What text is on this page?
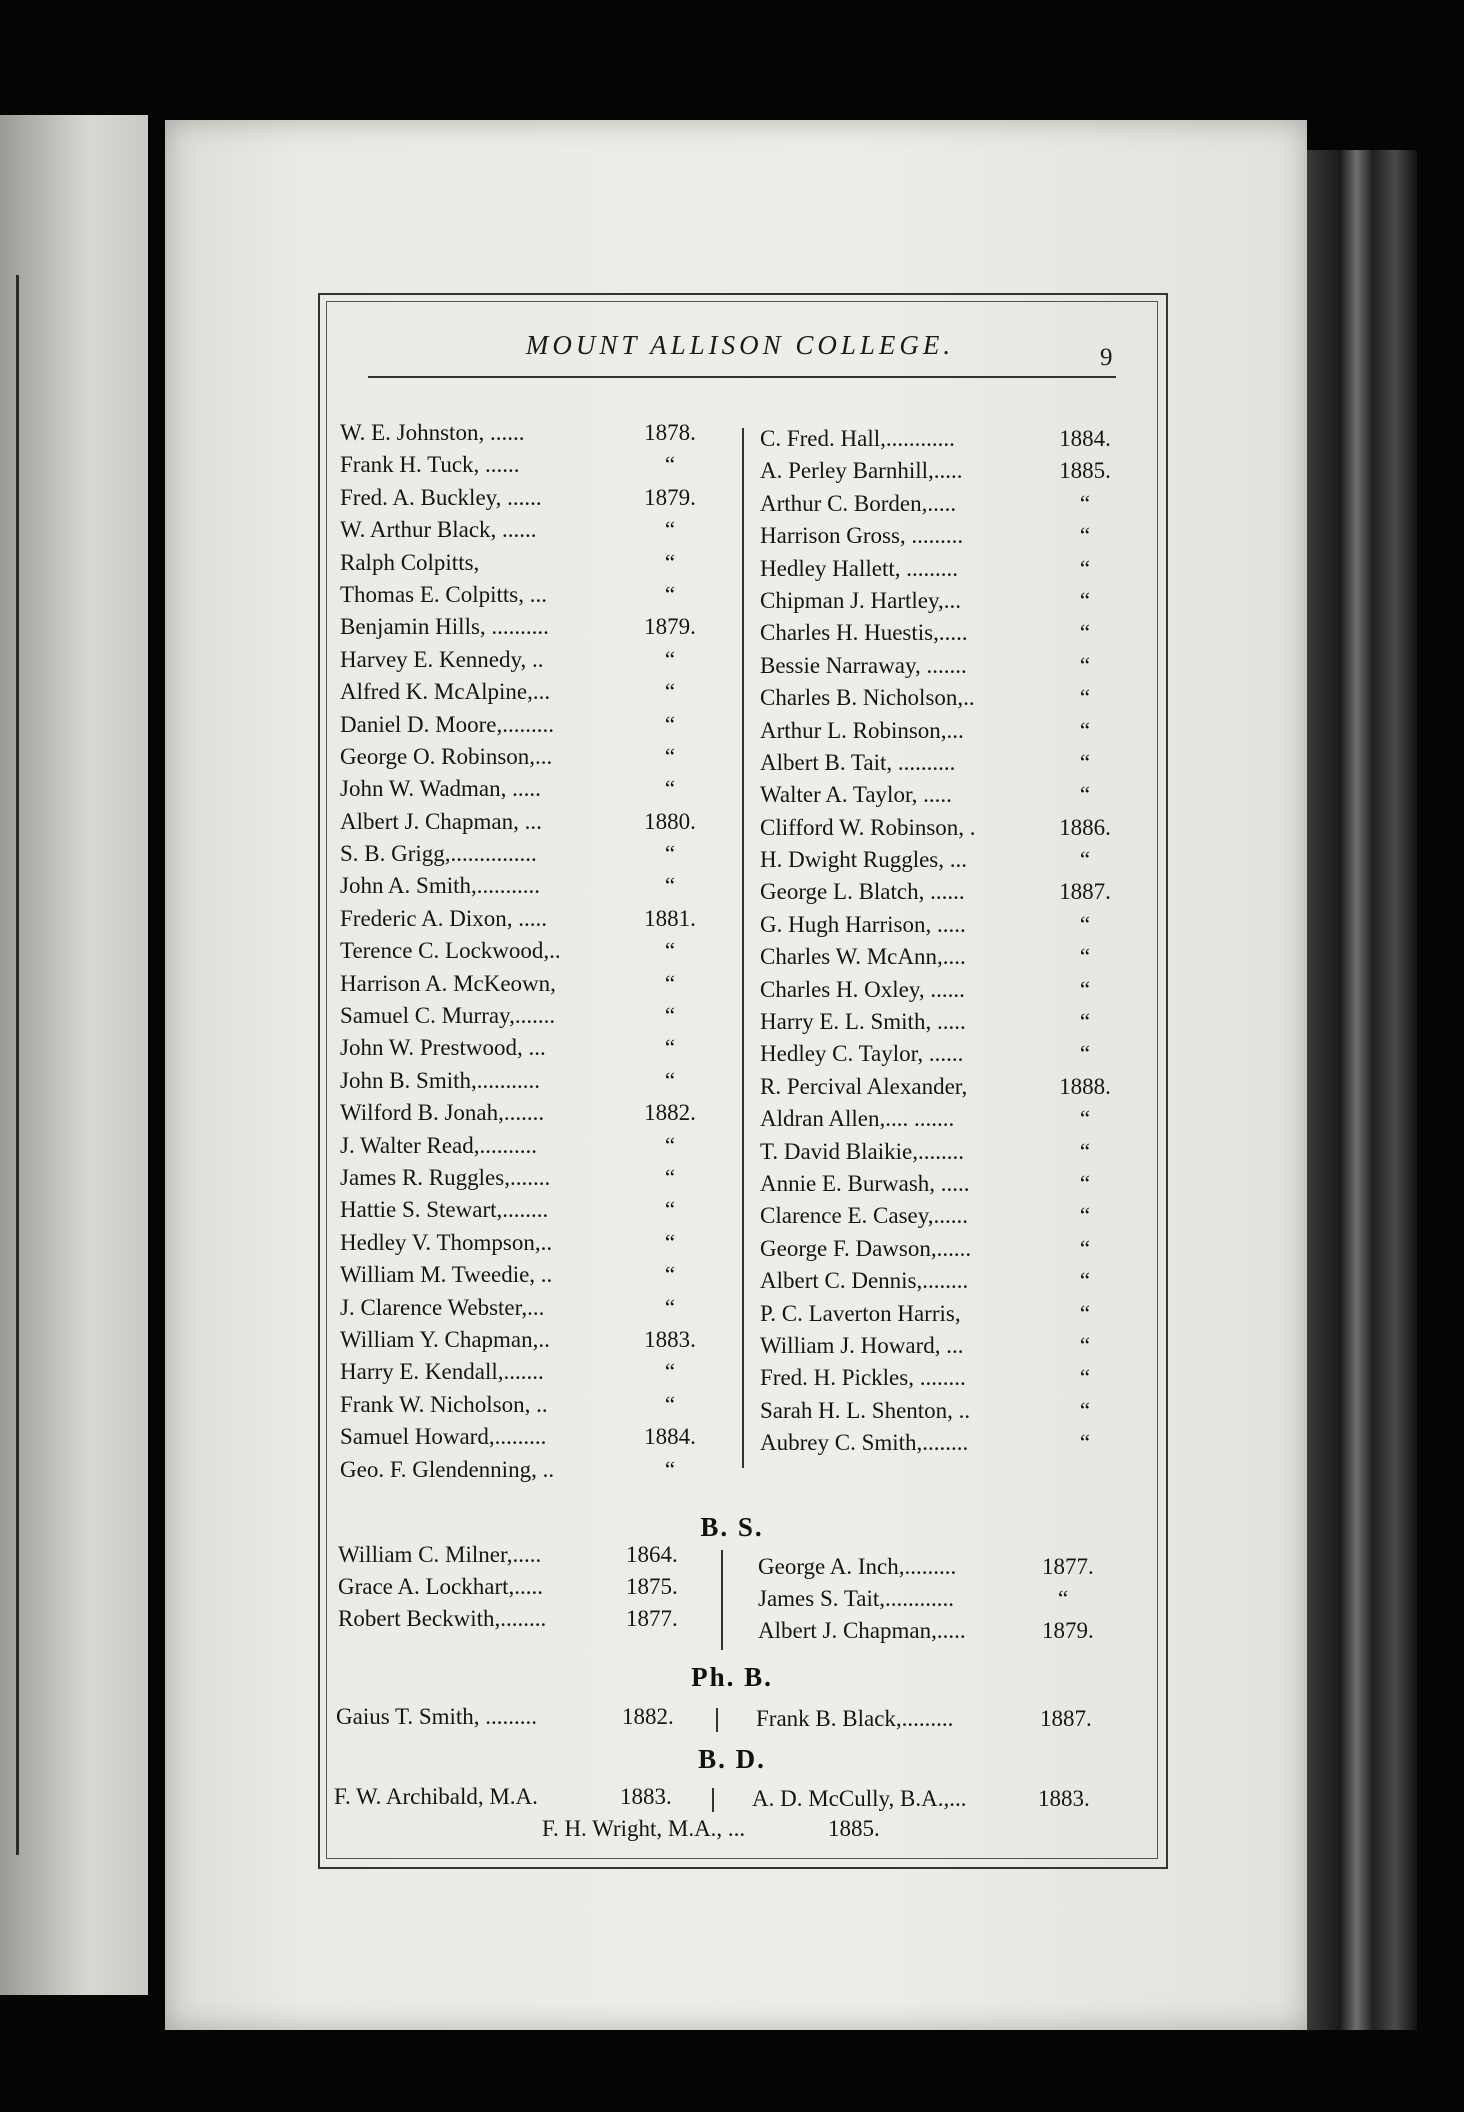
MOUNT ALLISON COLLEGE.	9
W. E. Johnston, ......	1878.
Frank H. Tuck, ......	“
Fred. A. Buckley, ......	1879.
W. Arthur Black, ......	“
Ralph Colpitts,	“
Thomas E. Colpitts, ...	“
Benjamin Hills, ..........	1879.
Harvey E. Kennedy, ..	“
Alfred K. McAlpine,...	“
Daniel D. Moore,.........	“
George O. Robinson,...	“
John W. Wadman, .....	“
Albert J. Chapman, ...	1880.
S. B. Grigg,...............	“
John A. Smith,...........	“
Frederic A. Dixon, .....	1881.
Terence C. Lockwood,..	“
Harrison A. McKeown,	“
Samuel C. Murray,.......	“
John W. Prestwood, ...	“
John B. Smith,...........	“
Wilford B. Jonah,.......	1882.
J. Walter Read,..........	“
James R. Ruggles,.......	“
Hattie S. Stewart,........	“
Hedley V. Thompson,..	“
William M. Tweedie, ..	“
J. Clarence Webster,...	“
William Y. Chapman,..	1883.
Harry E. Kendall,.......	“
Frank W. Nicholson, ..	“
Samuel Howard,.........	1884.
Geo. F. Glendenning, ..	“
C. Fred. Hall,............	1884.
A. Perley Barnhill,.....	1885.
Arthur C. Borden,.....	“
Harrison Gross, .........	“
Hedley Hallett, .........	“
Chipman J. Hartley,...	“
Charles H. Huestis,.....	“
Bessie Narraway, .......	“
Charles B. Nicholson,..	“
Arthur L. Robinson,...	“
Albert B. Tait, ..........	“
Walter A. Taylor, .....	“
Clifford W. Robinson, .	1886.
H. Dwight Ruggles, ...	“
George L. Blatch, ......	1887.
G. Hugh Harrison, .....	“
Charles W. McAnn,....	“
Charles H. Oxley, ......	“
Harry E. L. Smith, .....	“
Hedley C. Taylor, ......	“
R. Percival Alexander,	1888.
Aldran Allen,.... .......	“
T. David Blaikie,........	“
Annie E. Burwash, .....	“
Clarence E. Casey,......	“
George F. Dawson,......	“
Albert C. Dennis,........	“
P. C. Laverton Harris,	“
William J. Howard, ...	“
Fred. H. Pickles, ........	“
Sarah H. L. Shenton, ..	“
Aubrey C. Smith,........	“
B. S.
William C. Milner,.....	1864.
Grace A. Lockhart,.....	1875.
Robert Beckwith,........	1877.
George A. Inch,.........	1877.
James S. Tait,............	“
Albert J. Chapman,.....	1879.
Ph. B.
Gaius T. Smith, .........	1882.	Frank B. Black,.........	1887.
B. D.
F. W. Archibald, M.A.	1883.	A. D. McCully, B.A.,...	1883.
F. H. Wright, M.A., ...	1885.
